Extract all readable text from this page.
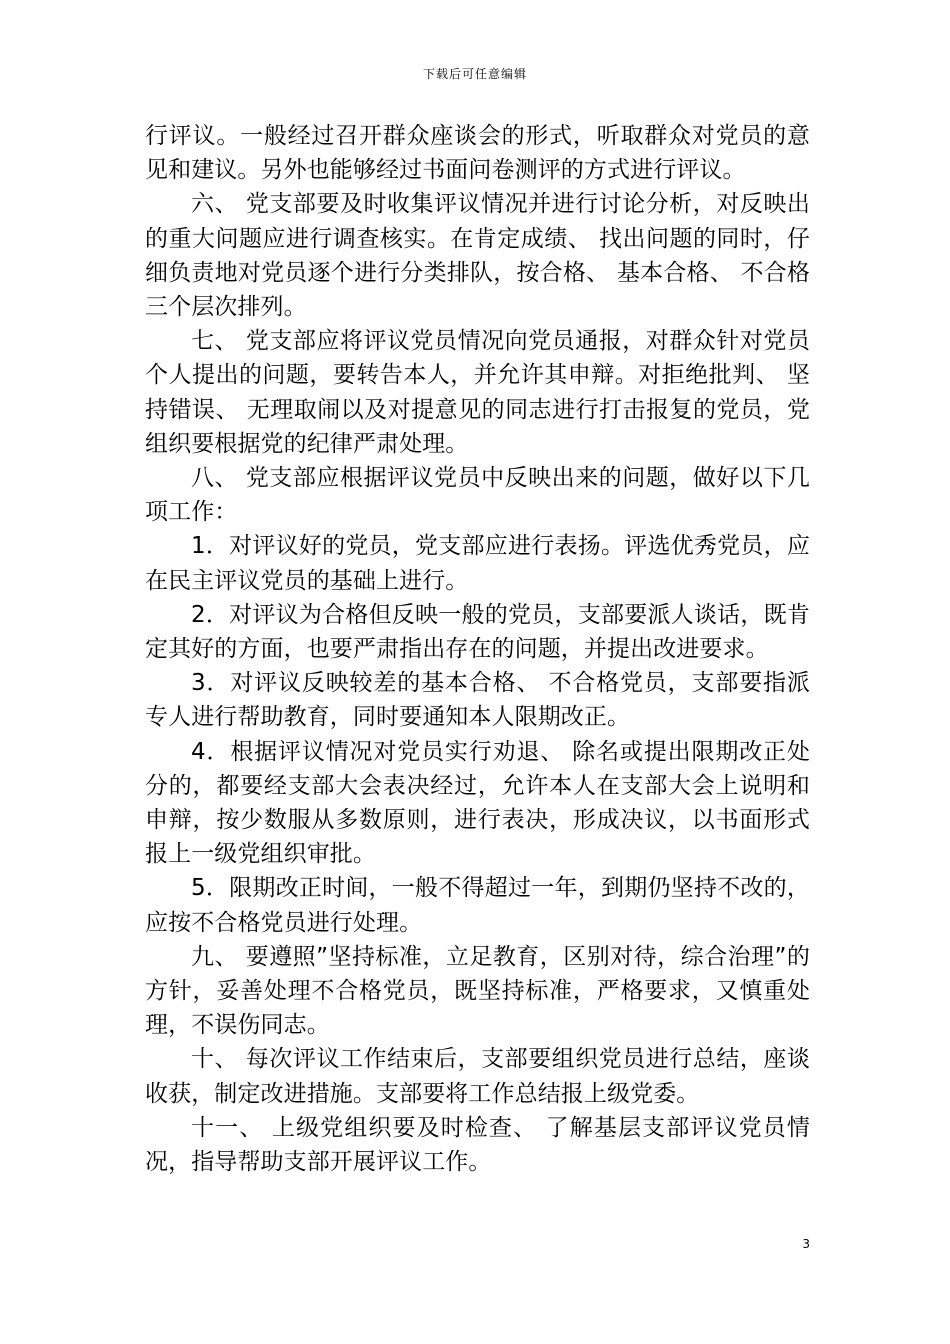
下载后可任意编辑

行评议。一般经过召开群众座谈会的形式，听取群众对党员的意见和建议。另外也能够经过书面问卷测评的方式进行评议。

六、 党支部要及时收集评议情况并进行讨论分析，对反映出的重大问题应进行调查核实。在肯定成绩、 找出问题的同时，仔细负责地对党员逐个进行分类排队，按合格、 基本合格、 不合格三个层次排列。

七、 党支部应将评议党员情况向党员通报，对群众针对党员个人提出的问题，要转告本人，并允许其申辩。对拒绝批判、 坚持错误、 无理取闹以及对提意见的同志进行打击报复的党员，党组织要根据党的纪律严肃处理。

八、 党支部应根据评议党员中反映出来的问题，做好以下几项工作：

1．对评议好的党员，党支部应进行表扬。评选优秀党员，应在民主评议党员的基础上进行。

2．对评议为合格但反映一般的党员，支部要派人谈话，既肯定其好的方面，也要严肃指出存在的问题，并提出改进要求。

3．对评议反映较差的基本合格、 不合格党员，支部要指派专人进行帮助教育，同时要通知本人限期改正。

4．根据评议情况对党员实行劝退、 除名或提出限期改正处分的，都要经支部大会表决经过，允许本人在支部大会上说明和申辩，按少数服从多数原则，进行表决，形成决议，以书面形式报上一级党组织审批。

5．限期改正时间，一般不得超过一年，到期仍坚持不改的，应按不合格党员进行处理。

九、 要遵照”坚持标准，立足教育，区别对待，综合治理”的方针，妥善处理不合格党员，既坚持标准，严格要求，又慎重处理，不误伤同志。

十、 每次评议工作结束后，支部要组织党员进行总结，座谈收获，制定改进措施。支部要将工作总结报上级党委。

十一、 上级党组织要及时检查、 了解基层支部评议党员情况，指导帮助支部开展评议工作。

3
